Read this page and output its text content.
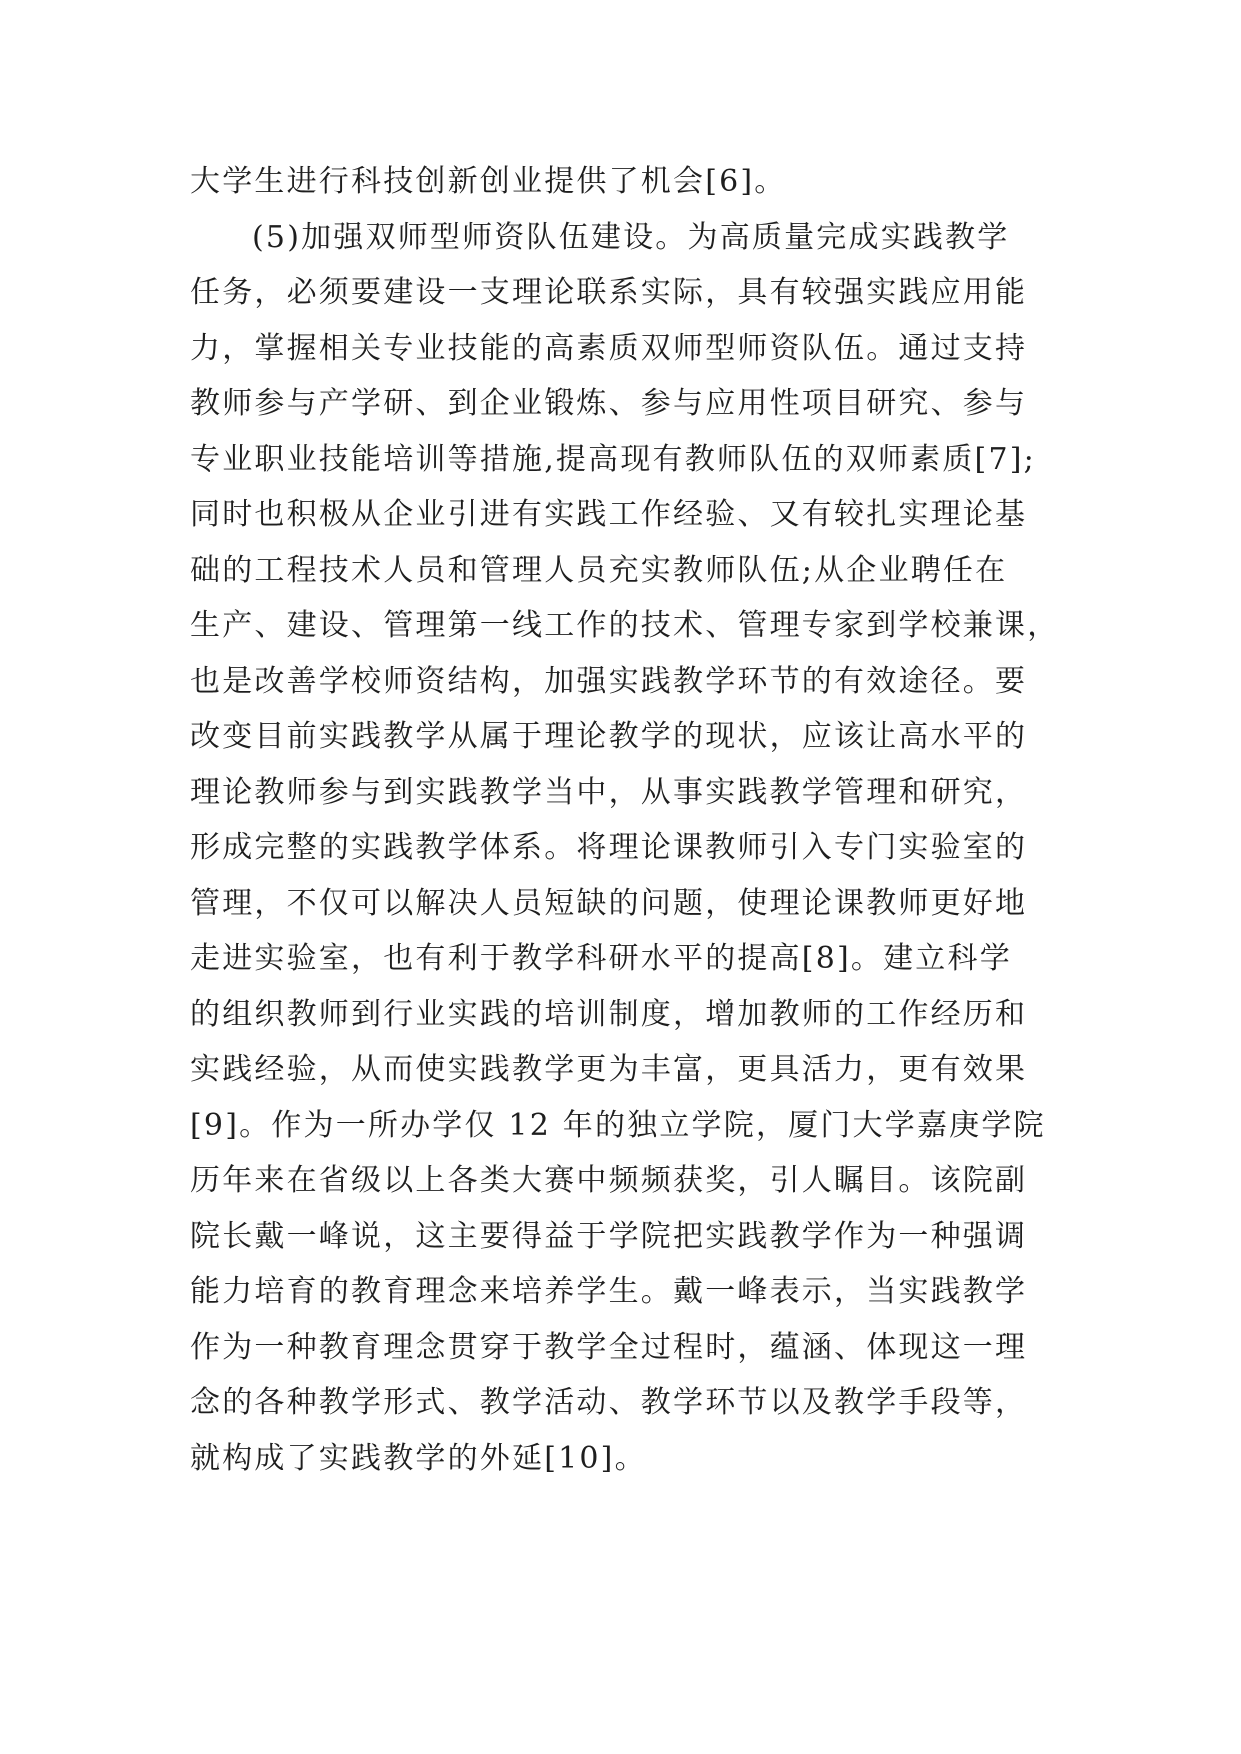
大学生进行科技创新创业提供了机会[6]。
(5)加强双师型师资队伍建设。为高质量完成实践教学
任务，必须要建设一支理论联系实际，具有较强实践应用能
力，掌握相关专业技能的高素质双师型师资队伍。通过支持
教师参与产学研、到企业锻炼、参与应用性项目研究、参与
专业职业技能培训等措施,提高现有教师队伍的双师素质[7];
同时也积极从企业引进有实践工作经验、又有较扎实理论基
础的工程技术人员和管理人员充实教师队伍;从企业聘任在
生产、建设、管理第一线工作的技术、管理专家到学校兼课，
也是改善学校师资结构，加强实践教学环节的有效途径。要
改变目前实践教学从属于理论教学的现状，应该让高水平的
理论教师参与到实践教学当中，从事实践教学管理和研究，
形成完整的实践教学体系。将理论课教师引入专门实验室的
管理，不仅可以解决人员短缺的问题，使理论课教师更好地
走进实验室，也有利于教学科研水平的提高[8]。建立科学
的组织教师到行业实践的培训制度，增加教师的工作经历和
实践经验，从而使实践教学更为丰富，更具活力，更有效果
[9]。作为一所办学仅 12 年的独立学院，厦门大学嘉庚学院
历年来在省级以上各类大赛中频频获奖，引人瞩目。该院副
院长戴一峰说，这主要得益于学院把实践教学作为一种强调
能力培育的教育理念来培养学生。戴一峰表示，当实践教学
作为一种教育理念贯穿于教学全过程时，蕴涵、体现这一理
念的各种教学形式、教学活动、教学环节以及教学手段等，
就构成了实践教学的外延[10]。
